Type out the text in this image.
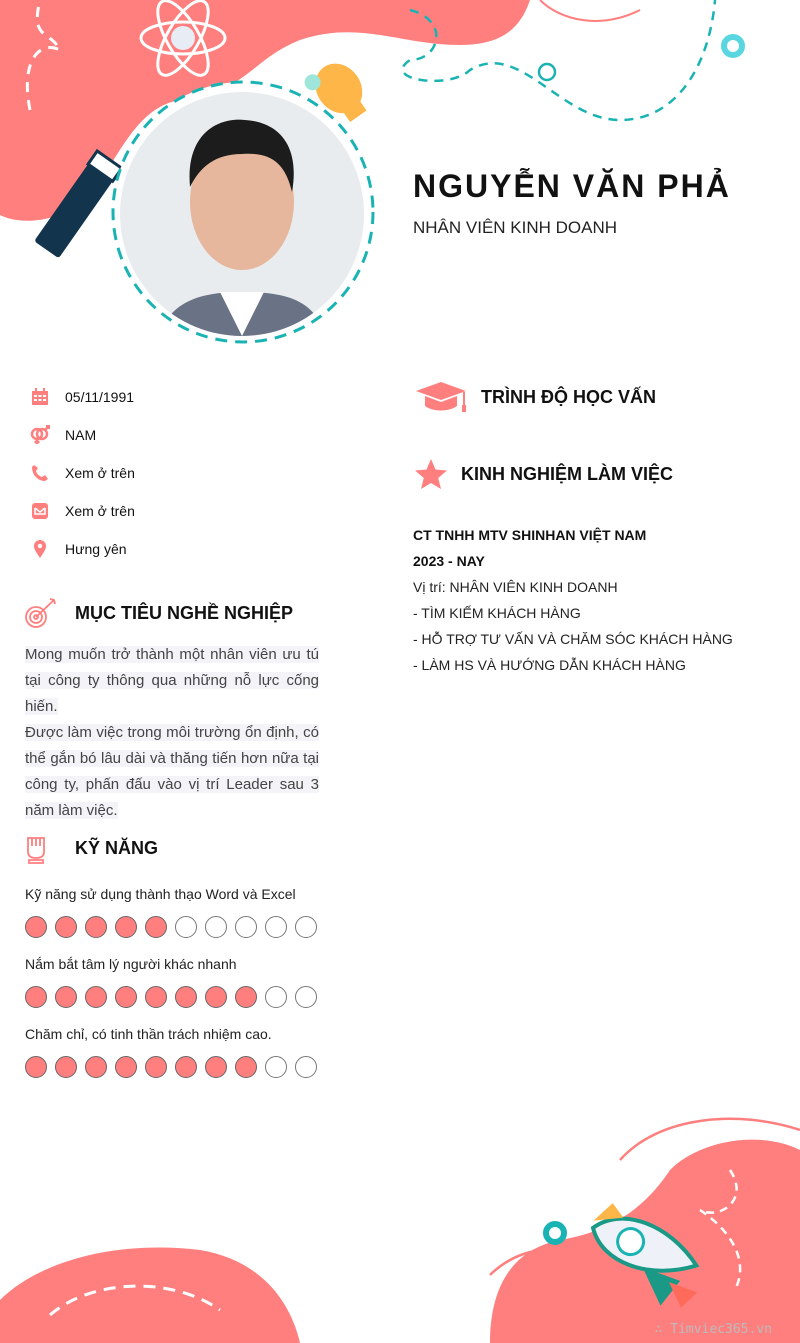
NGUYỄN VĂN PHẢ
NHÂN VIÊN KINH DOANH
05/11/1991
NAM
Xem ở trên
Xem ở trên
Hưng yên
MỤC TIÊU NGHỀ NGHIỆP
Mong muốn trở thành một nhân viên ưu tú tại công ty thông qua những nỗ lực cống hiến.
Được làm việc trong môi trường ổn định, có thể gắn bó lâu dài và thăng tiến hơn nữa tại công ty, phấn đấu vào vị trí Leader sau 3 năm làm việc.
KỸ NĂNG
Kỹ năng sử dụng thành thạo Word và Excel
Nắm bắt tâm lý người khác nhanh
Chăm chỉ, có tinh thần trách nhiệm cao.
TRÌNH ĐỘ HỌC VẤN
KINH NGHIỆM LÀM VIỆC
CT TNHH MTV SHINHAN VIỆT NAM
2023 - NAY
Vị trí: NHÂN VIÊN KINH DOANH
- TÌM KIẾM KHÁCH HÀNG
- HỖ TRỢ TƯ VẤN VÀ CHĂM SÓC KHÁCH HÀNG
- LÀM HS VÀ HƯỚNG DẪN KHÁCH HÀNG
∴ Timviec365.vn
